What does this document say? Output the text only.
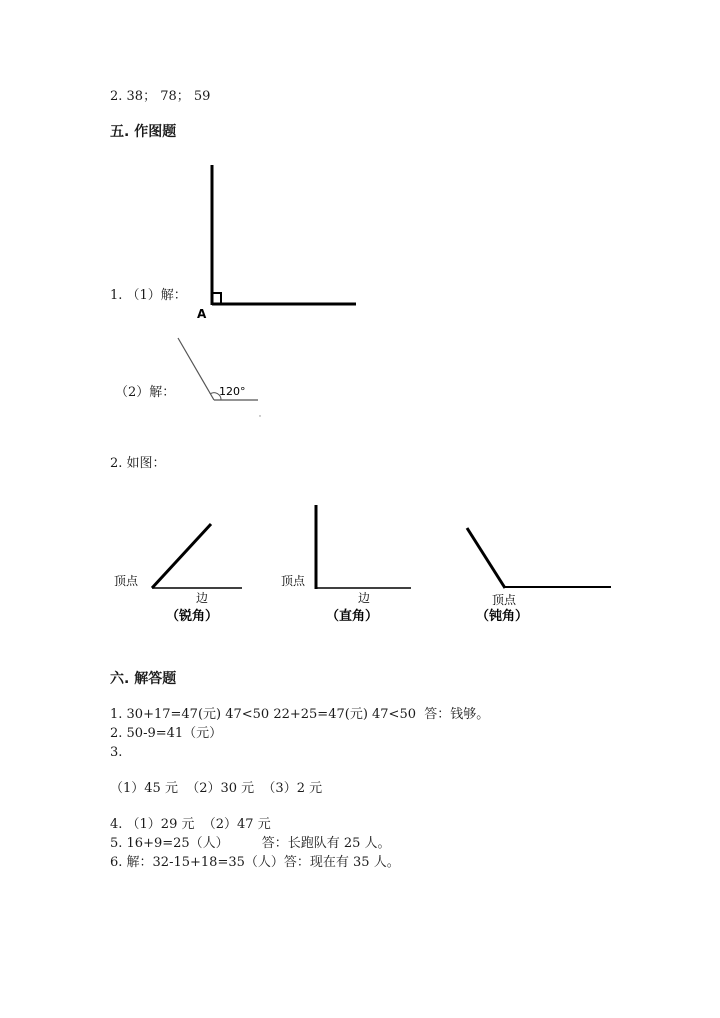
2. 38； 78； 59
五. 作图题
1. （1）解：
A
120°
顶点
边
（锐角）
顶点
边
（直角）
顶点
（钝角）
（2）解：
2. 如图：
六. 解答题
1. 30+17=47(元) 47<50 22+25=47(元) 47<50  答：钱够。
2. 50-9=41（元）
3.
（1）45 元  （2）30 元  （3）2 元
4. （1）29 元  （2）47 元
5. 16+9=25（人）        答：长跑队有 25 人。
6. 解：32-15+18=35（人）答：现在有 35 人。
